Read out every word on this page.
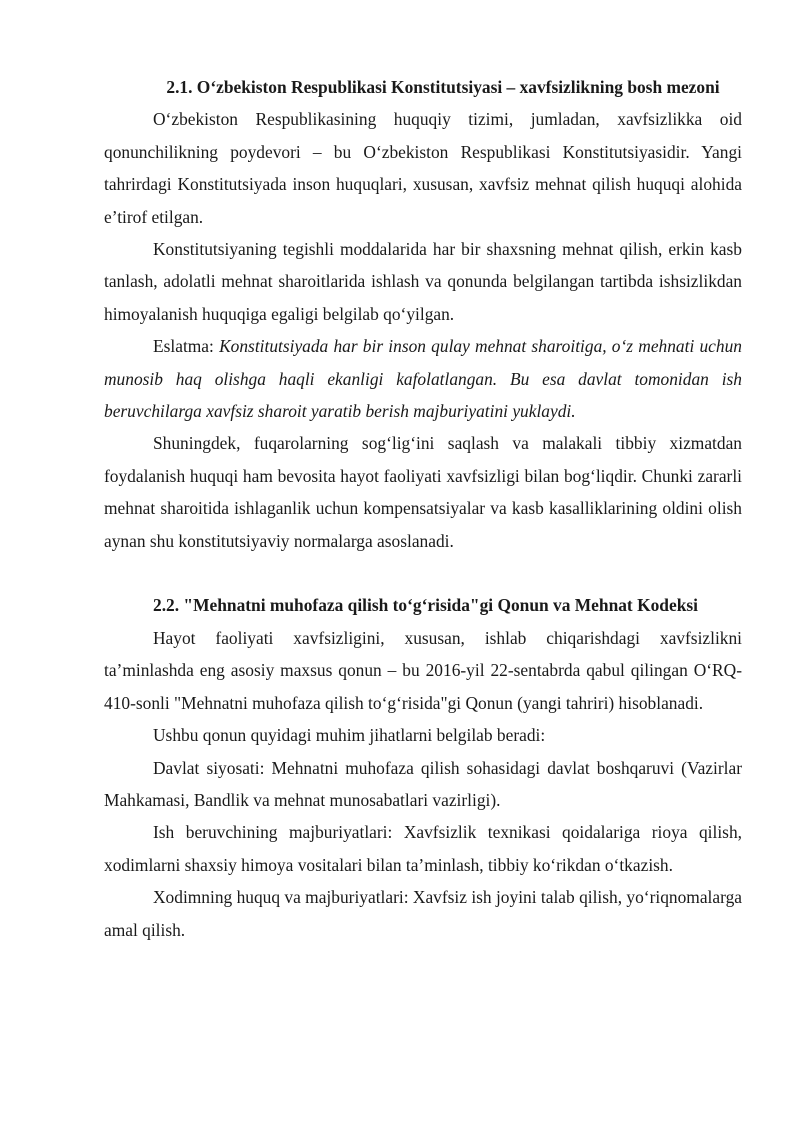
2.1. O‘zbekiston Respublikasi Konstitutsiyasi – xavfsizlikning bosh mezoni

O‘zbekiston Respublikasining huquqiy tizimi, jumladan, xavfsizlikka oid qonunchilikning poydevori – bu O‘zbekiston Respublikasi Konstitutsiyasidir. Yangi tahrirdagi Konstitutsiyada inson huquqlari, xususan, xavfsiz mehnat qilish huquqi alohida e’tirof etilgan.

Konstitutsiyaning tegishli moddalarida har bir shaxsning mehnat qilish, erkin kasb tanlash, adolatli mehnat sharoitlarida ishlash va qonunda belgilangan tartibda ishsizlikdan himoyalanish huquqiga egaligi belgilab qo‘yilgan.

Eslatma: Konstitutsiyada har bir inson qulay mehnat sharoitiga, o‘z mehnati uchun munosib haq olishga haqli ekanligi kafolatlangan. Bu esa davlat tomonidan ish beruvchilarga xavfsiz sharoit yaratib berish majburiyatini yuklaydi.

Shuningdek, fuqarolarning sog‘lig‘ini saqlash va malakali tibbiy xizmatdan foydalanish huquqi ham bevosita hayot faoliyati xavfsizligi bilan bog‘liqdir. Chunki zararli mehnat sharoitida ishlaganlik uchun kompensatsiyalar va kasb kasalliklarining oldini olish aynan shu konstitutsiyaviy normalarga asoslanadi.

2.2. "Mehnatni muhofaza qilish to‘g‘risida"gi Qonun va Mehnat Kodeksi

Hayot faoliyati xavfsizligini, xususan, ishlab chiqarishdagi xavfsizlikni ta’minlashda eng asosiy maxsus qonun – bu 2016-yil 22-sentabrda qabul qilingan O‘RQ-410-sonli "Mehnatni muhofaza qilish to‘g‘risida"gi Qonun (yangi tahriri) hisoblanadi.

Ushbu qonun quyidagi muhim jihatlarni belgilab beradi:

Davlat siyosati: Mehnatni muhofaza qilish sohasidagi davlat boshqaruvi (Vazirlar Mahkamasi, Bandlik va mehnat munosabatlari vazirligi).

Ish beruvchining majburiyatlari: Xavfsizlik texnikasi qoidalariga rioya qilish, xodimlarni shaxsiy himoya vositalari bilan ta’minlash, tibbiy ko‘rikdan o‘tkazish.

Xodimning huquq va majburiyatlari: Xavfsiz ish joyini talab qilish, yo‘riqnomalarga amal qilish.
